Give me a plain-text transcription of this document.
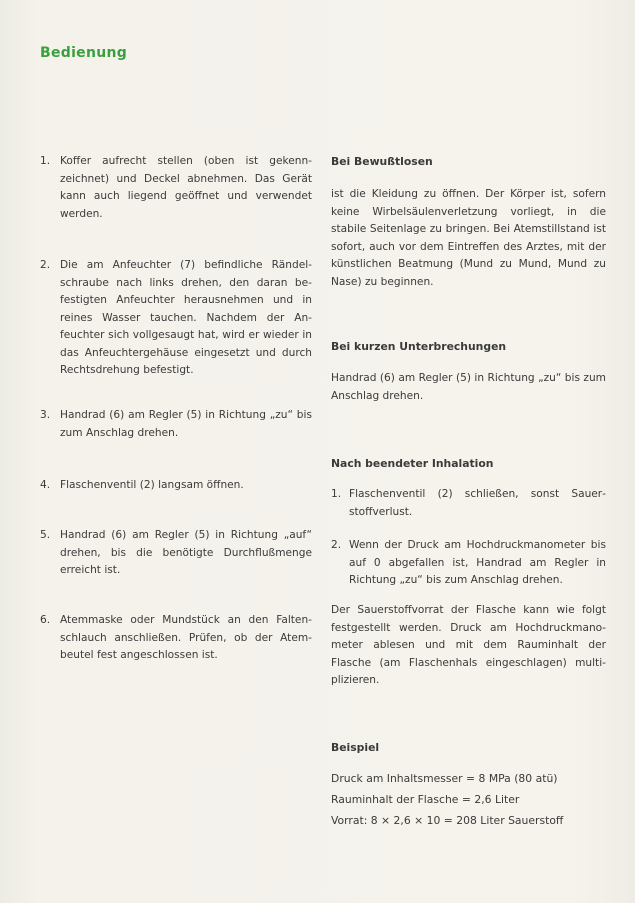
Bedienung
1. Koffer aufrecht stellen (oben ist gekennzeichnet) und Deckel abnehmen. Das Gerät kann auch liegend geöffnet und verwendet werden.
2. Die am Anfeuchter (7) befindliche Rändelschraube nach links drehen, den daran befestigten Anfeuchter herausnehmen und in reines Wasser tauchen. Nachdem der Anfeuchter sich vollgesaugt hat, wird er wieder in das Anfeuchtergehäuse eingesetzt und durch Rechtsdrehung befestigt.
3. Handrad (6) am Regler (5) in Richtung „zu“ bis zum Anschlag drehen.
4. Flaschenventil (2) langsam öffnen.
5. Handrad (6) am Regler (5) in Richtung „auf“ drehen, bis die benötigte Durchflußmenge erreicht ist.
6. Atemmaske oder Mundstück an den Faltenschlauch anschließen. Prüfen, ob der Atembeutel fest angeschlossen ist.
Bei Bewußtlosen
ist die Kleidung zu öffnen. Der Körper ist, sofern keine Wirbelsäulenverletzung vorliegt, in die stabile Seitenlage zu bringen. Bei Atemstillstand ist sofort, auch vor dem Eintreffen des Arztes, mit der künstlichen Beatmung (Mund zu Mund, Mund zu Nase) zu beginnen.
Bei kurzen Unterbrechungen
Handrad (6) am Regler (5) in Richtung „zu“ bis zum Anschlag drehen.
Nach beendeter Inhalation
1. Flaschenventil (2) schließen, sonst Sauerstoffverlust.
2. Wenn der Druck am Hochdruckmanometer bis auf 0 abgefallen ist, Handrad am Regler in Richtung „zu“ bis zum Anschlag drehen.
Der Sauerstoffvorrat der Flasche kann wie folgt festgestellt werden. Druck am Hochdruckmanometer ablesen und mit dem Rauminhalt der Flasche (am Flaschenhals eingeschlagen) multiplizieren.
Beispiel
Druck am Inhaltsmesser = 8 MPa (80 atü)
Rauminhalt der Flasche = 2,6 Liter
Vorrat: 8 × 2,6 × 10 = 208 Liter Sauerstoff
